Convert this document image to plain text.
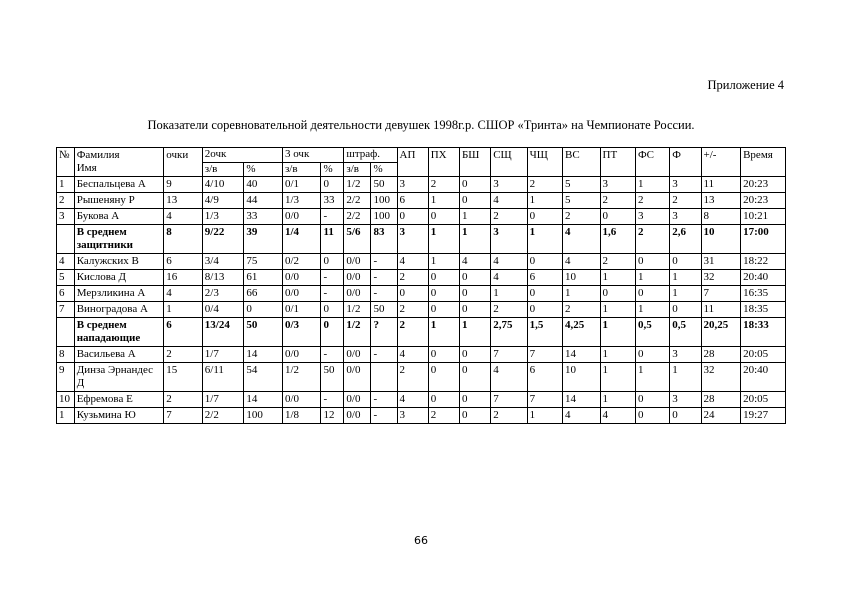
Приложение 4
Показатели соревновательной деятельности девушек 1998г.р. СШОР «Тринта» на Чемпионате России.
№	Фамилия
Имя	очки	2очк		3 очк		штраф.		АП	ПХ	БШ	СЩ	ЧЩ	ВС	ПТ	ФС	Ф	+/-	Время
			з/в	%	з/в	%	з/в	%											
1	Беспальцева А	9	4/10	40	0/1	0	1/2	50	3	2	0	3	2	5	3	1	3	11	20:23
2	Рышеняну Р	13	4/9	44	1/3	33	2/2	100	6	1	0	4	1	5	2	2	2	13	20:23
3	Букова А	4	1/3	33	0/0	-	2/2	100	0	0	1	2	0	2	0	3	3	8	10:21
	В среднем защитники	8	9/22	39	1/4	11	5/6	83	3	1	1	3	1	4	1,6	2	2,6	10	17:00
4	Калужских В	6	3/4	75	0/2	0	0/0	-	4	1	4	4	0	4	2	0	0	31	18:22
5	Кислова Д	16	8/13	61	0/0	-	0/0	-	2	0	0	4	6	10	1	1	1	32	20:40
6	Мерзликина А	4	2/3	66	0/0	-	0/0	-	0	0	0	1	0	1	0	0	1	7	16:35
7	Виноградова А	1	0/4	0	0/1	0	1/2	50	2	0	0	2	0	2	1	1	0	11	18:35
	В среднем нападающие	6	13/24	50	0/3	0	1/2	?	2	1	1	2,75	1,5	4,25	1	0,5	0,5	20,25	18:33
8	Васильева А	2	1/7	14	0/0	-	0/0	-	4	0	0	7	7	14	1	0	3	28	20:05
9	Динза Эрнандес Д	15	6/11	54	1/2	50	0/0		2	0	0	4	6	10	1	1	1	32	20:40
10	Ефремова Е	2	1/7	14	0/0	-	0/0	-	4	0	0	7	7	14	1	0	3	28	20:05
1	Кузьмина Ю	7	2/2	100	1/8	12	0/0	-	3	2	0	2	1	4	4	0	0	24	19:27
66
